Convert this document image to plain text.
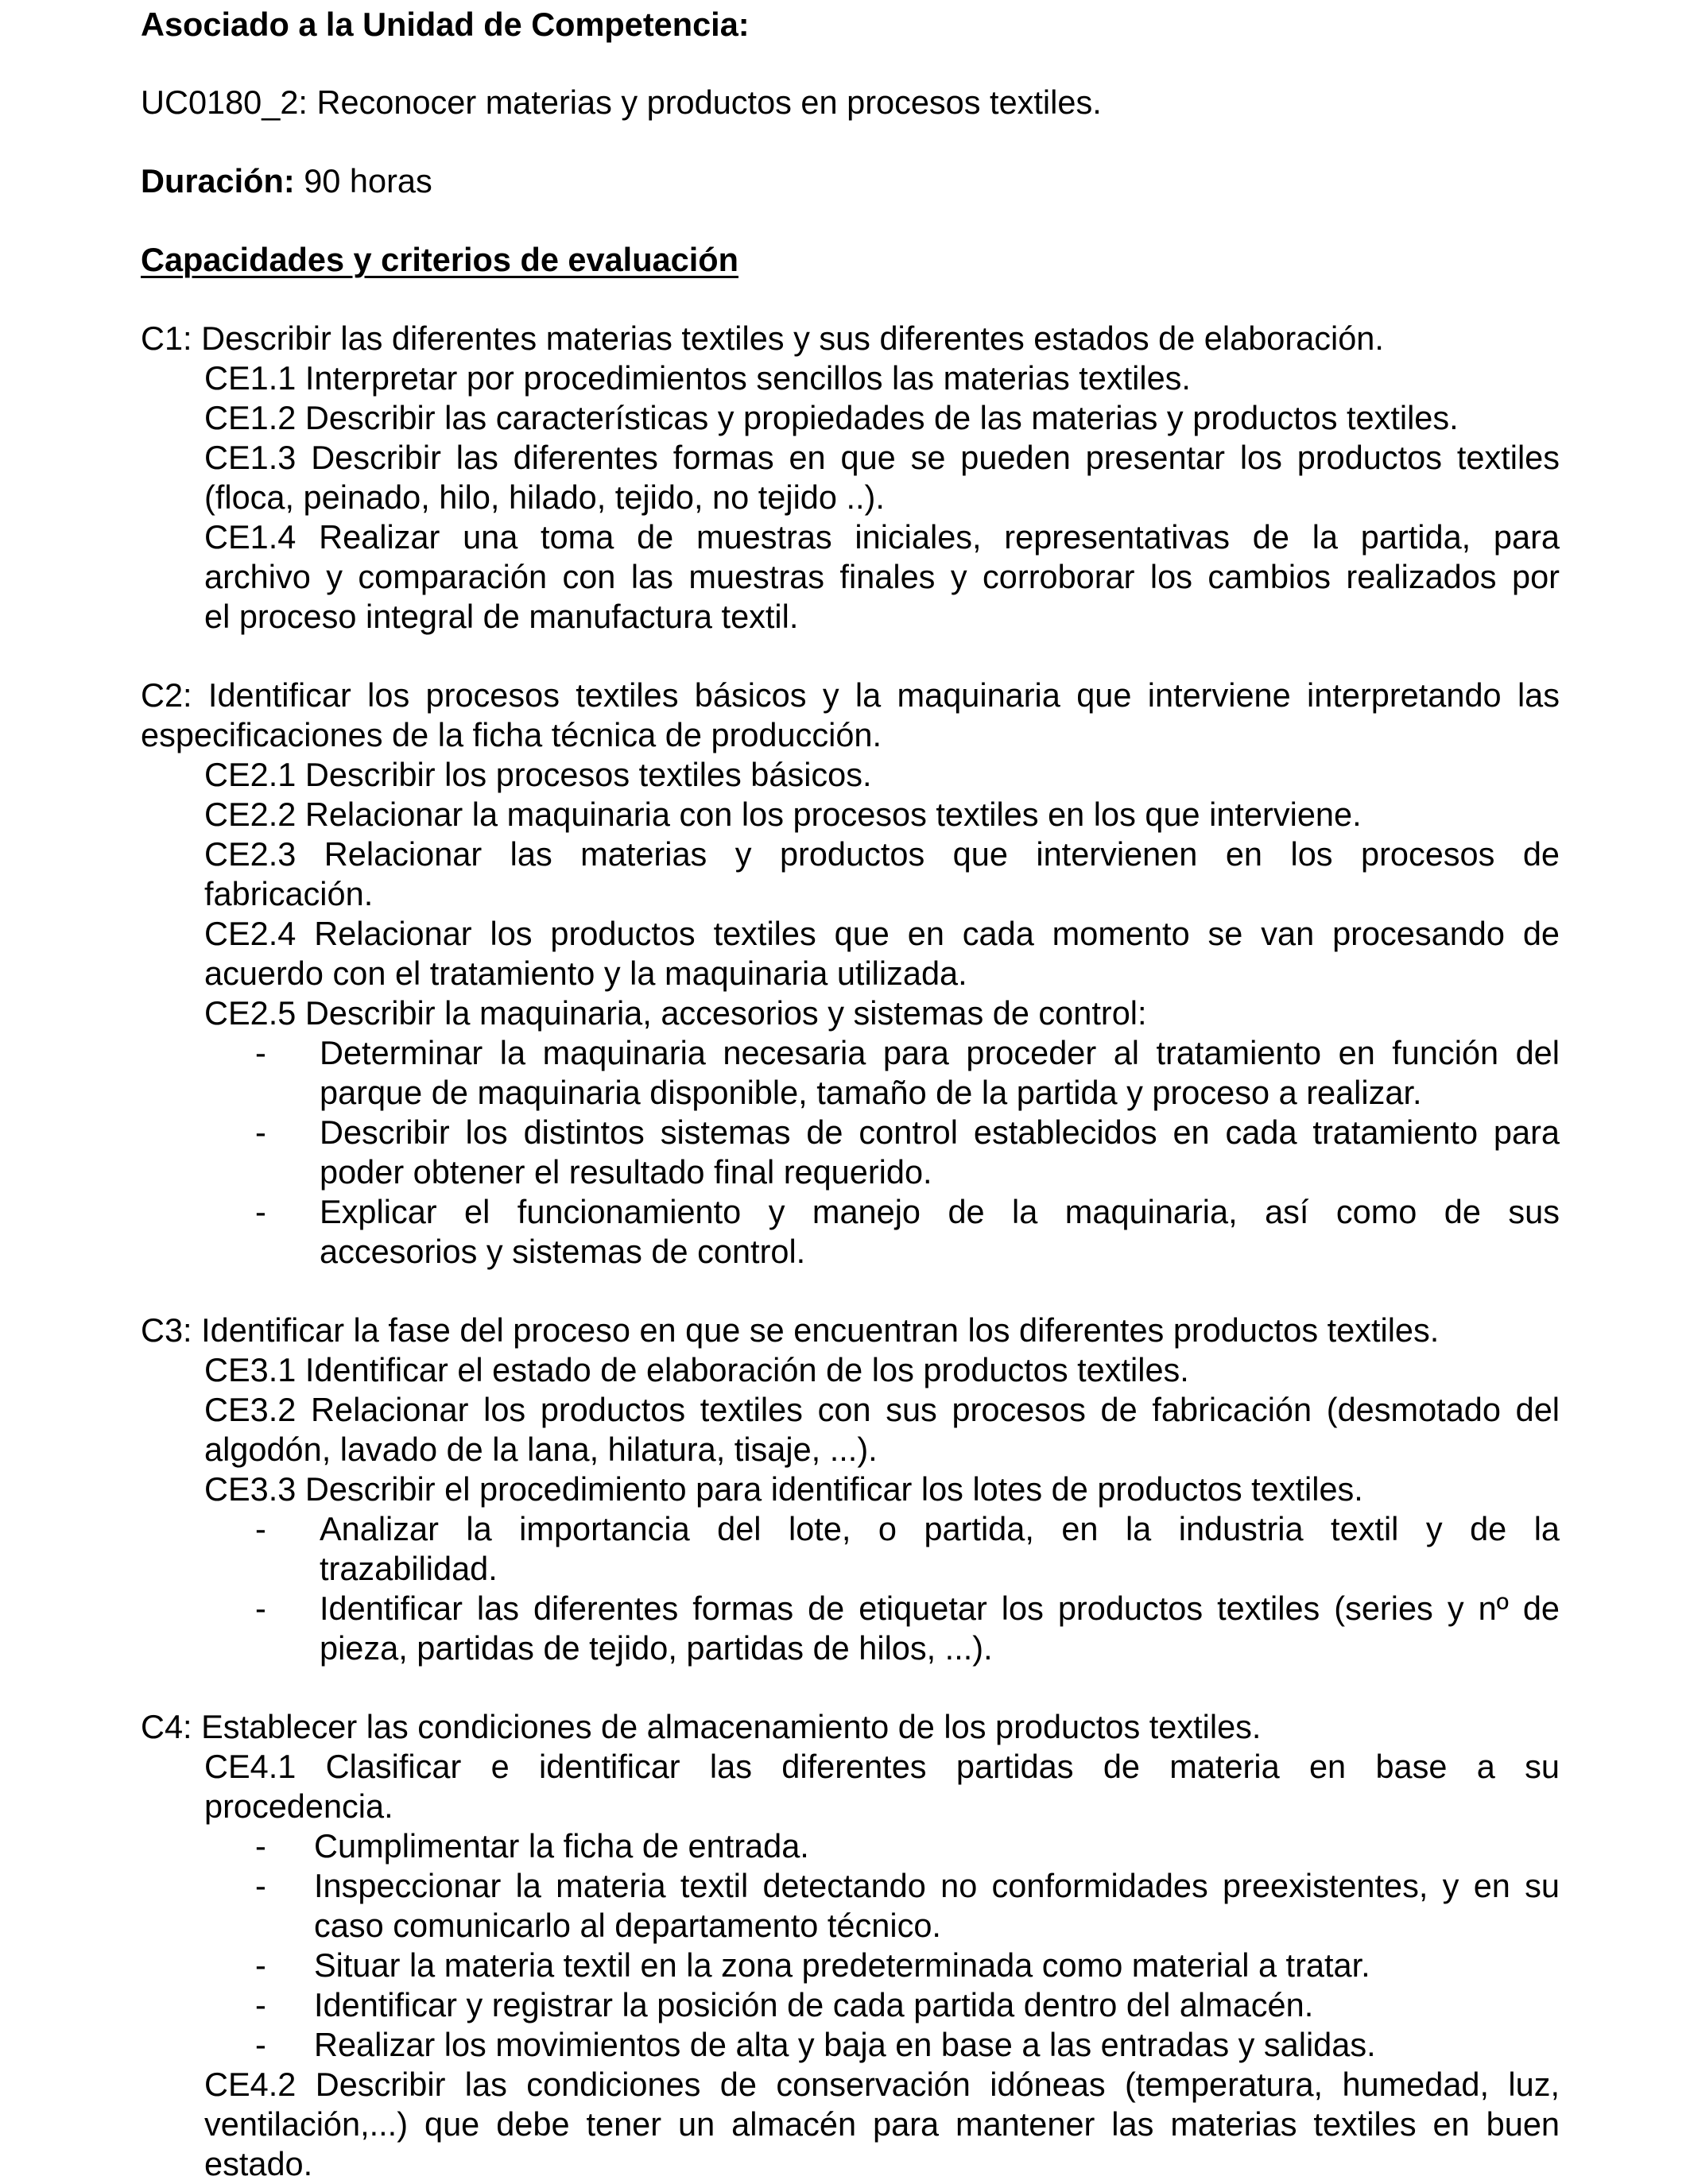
Asociado a la Unidad de Competencia:
UC0180_2: Reconocer materias y productos en procesos textiles.
Duración: 90 horas
Capacidades y criterios de evaluación
C1: Describir las diferentes materias textiles y sus diferentes estados de elaboración.
CE1.1 Interpretar por procedimientos sencillos las materias textiles.
CE1.2 Describir las características y propiedades de las materias y productos textiles.
CE1.3 Describir las diferentes formas en que se pueden presentar los productos textiles
(floca, peinado, hilo, hilado, tejido, no tejido ..).
CE1.4 Realizar una toma de muestras iniciales, representativas de la partida, para
archivo y comparación con las muestras finales y corroborar los cambios realizados por
el proceso integral de manufactura textil.
C2: Identificar los procesos textiles básicos y la maquinaria que interviene interpretando las
especificaciones de la ficha técnica de producción.
CE2.1 Describir los procesos textiles básicos.
CE2.2 Relacionar la maquinaria con los procesos textiles en los que interviene.
CE2.3 Relacionar las materias y productos que intervienen en los procesos de
fabricación.
CE2.4 Relacionar los productos textiles que en cada momento se van procesando de
acuerdo con el tratamiento y la maquinaria utilizada.
CE2.5 Describir la maquinaria, accesorios y sistemas de control:
-	Determinar la maquinaria necesaria para proceder al tratamiento en función del
parque de maquinaria disponible, tamaño de la partida y proceso a realizar.
-	Describir los distintos sistemas de control establecidos en cada tratamiento para
poder obtener el resultado final requerido.
-	Explicar el funcionamiento y manejo de la maquinaria, así como de sus
accesorios y sistemas de control.
C3: Identificar la fase del proceso en que se encuentran los diferentes productos textiles.
CE3.1 Identificar el estado de elaboración de los productos textiles.
CE3.2 Relacionar los productos textiles con sus procesos de fabricación (desmotado del
algodón, lavado de la lana, hilatura, tisaje, ...).
CE3.3 Describir el procedimiento para identificar los lotes de productos textiles.
-	Analizar la importancia del lote, o partida, en la industria textil y de la
trazabilidad.
-	Identificar las diferentes formas de etiquetar los productos textiles (series y nº de
pieza, partidas de tejido, partidas de hilos, ...).
C4: Establecer las condiciones de almacenamiento de los productos textiles.
CE4.1 Clasificar e identificar las diferentes partidas de materia en base a su
procedencia.
-	Cumplimentar la ficha de entrada.
-	Inspeccionar la materia textil detectando no conformidades preexistentes, y en su
caso comunicarlo al departamento técnico.
-	Situar la materia textil en la zona predeterminada como material a tratar.
-	Identificar y registrar la posición de cada partida dentro del almacén.
-	Realizar los movimientos de alta y baja en base a las entradas y salidas.
CE4.2 Describir las condiciones de conservación idóneas (temperatura, humedad, luz,
ventilación,...) que debe tener un almacén para mantener las materias textiles en buen
estado.
